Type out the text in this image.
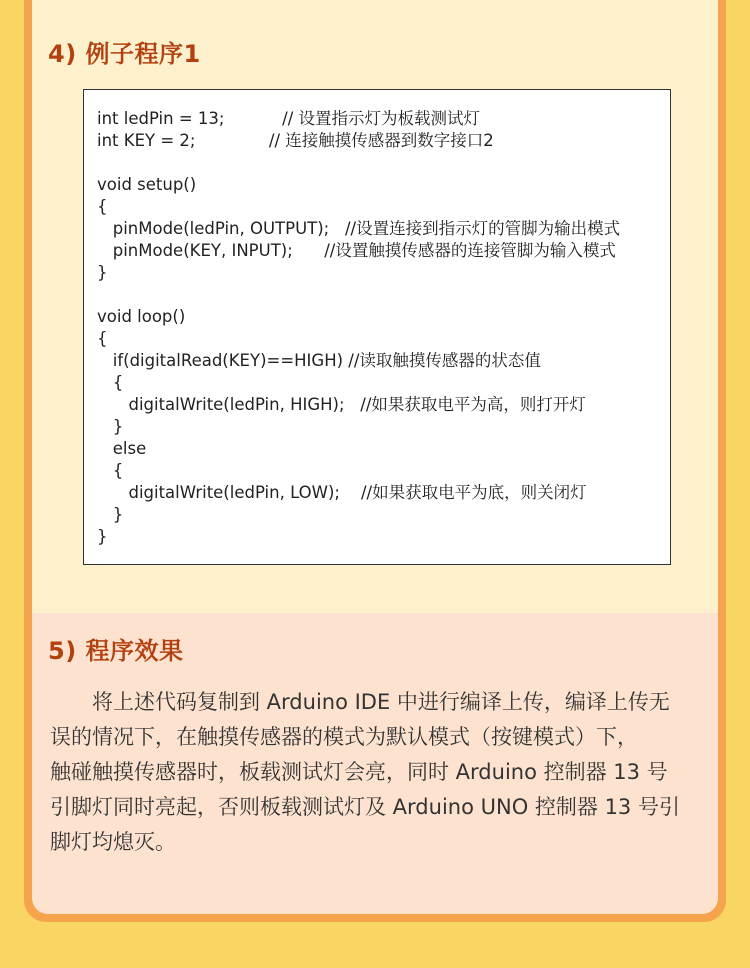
4) 例子程序1
int ledPin = 13;           // 设置指示灯为板载测试灯
int KEY = 2;              // 连接触摸传感器到数字接口2
void setup()
{
pinMode(ledPin, OUTPUT);   //设置连接到指示灯的管脚为输出模式
pinMode(KEY, INPUT);      //设置触摸传感器的连接管脚为输入模式
}
void loop()
{
if(digitalRead(KEY)==HIGH) //读取触摸传感器的状态值
{
digitalWrite(ledPin, HIGH);   //如果获取电平为高，则打开灯
}
else
{
digitalWrite(ledPin, LOW);    //如果获取电平为底，则关闭灯
}
}
5) 程序效果
　　将上述代码复制到 Arduino IDE 中进行编译上传，编译上传无
误的情况下，在触摸传感器的模式为默认模式（按键模式）下，
触碰触摸传感器时，板载测试灯会亮，同时 Arduino 控制器 13 号
引脚灯同时亮起，否则板载测试灯及 Arduino UNO 控制器 13 号引
脚灯均熄灭。
